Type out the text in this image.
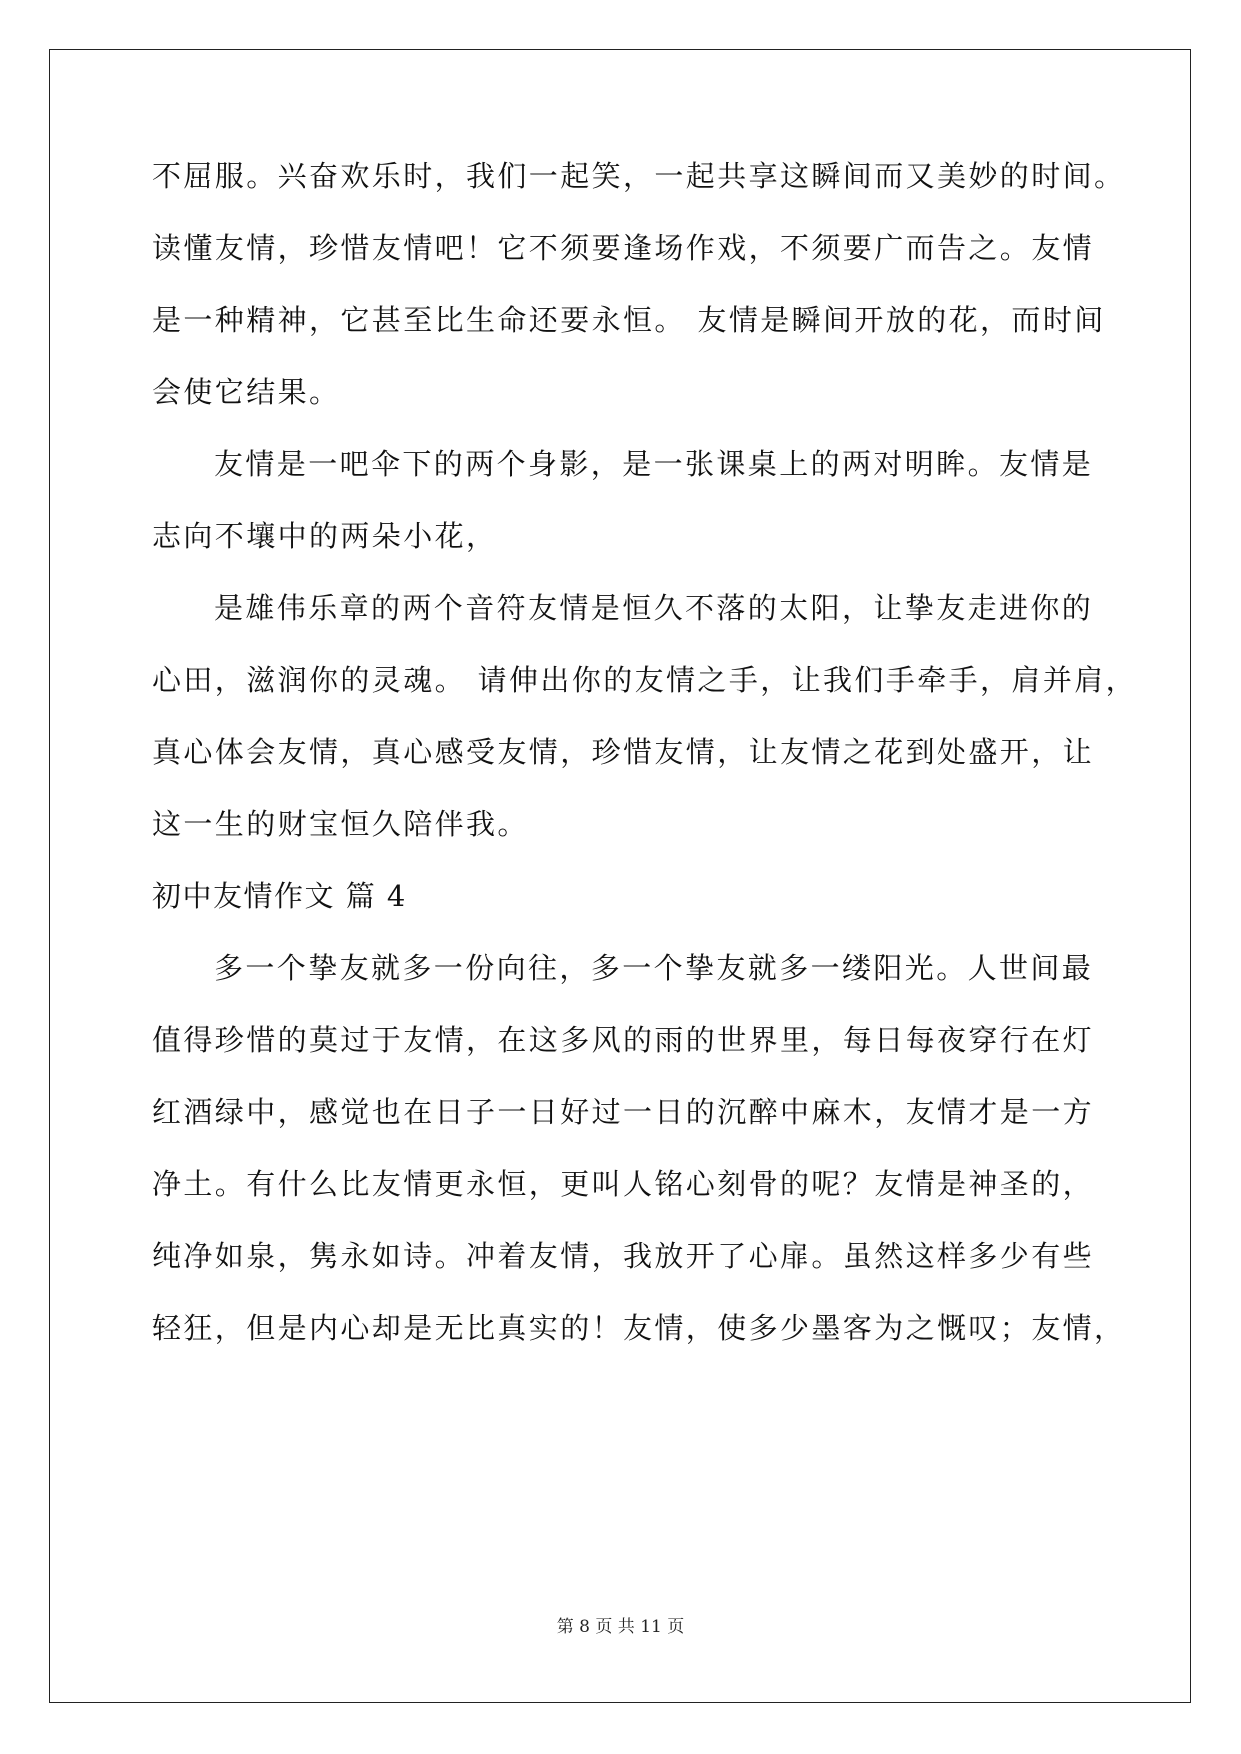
不屈服。兴奋欢乐时，我们一起笑，一起共享这瞬间而又美妙的时间。
读懂友情，珍惜友情吧！它不须要逢场作戏，不须要广而告之。友情
是一种精神，它甚至比生命还要永恒。 友情是瞬间开放的花，而时间
会使它结果。
友情是一吧伞下的两个身影，是一张课桌上的两对明眸。友情是
志向不壤中的两朵小花，
是雄伟乐章的两个音符友情是恒久不落的太阳，让挚友走进你的
心田，滋润你的灵魂。 请伸出你的友情之手，让我们手牵手，肩并肩，
真心体会友情，真心感受友情，珍惜友情，让友情之花到处盛开，让
这一生的财宝恒久陪伴我。
初中友情作文 篇 4
多一个挚友就多一份向往，多一个挚友就多一缕阳光。人世间最
值得珍惜的莫过于友情，在这多风的雨的世界里，每日每夜穿行在灯
红酒绿中，感觉也在日子一日好过一日的沉醉中麻木，友情才是一方
净土。有什么比友情更永恒，更叫人铭心刻骨的呢？友情是神圣的，
纯净如泉，隽永如诗。冲着友情，我放开了心扉。虽然这样多少有些
轻狂，但是内心却是无比真实的！友情，使多少墨客为之慨叹；友情，
第 8 页 共 11 页
